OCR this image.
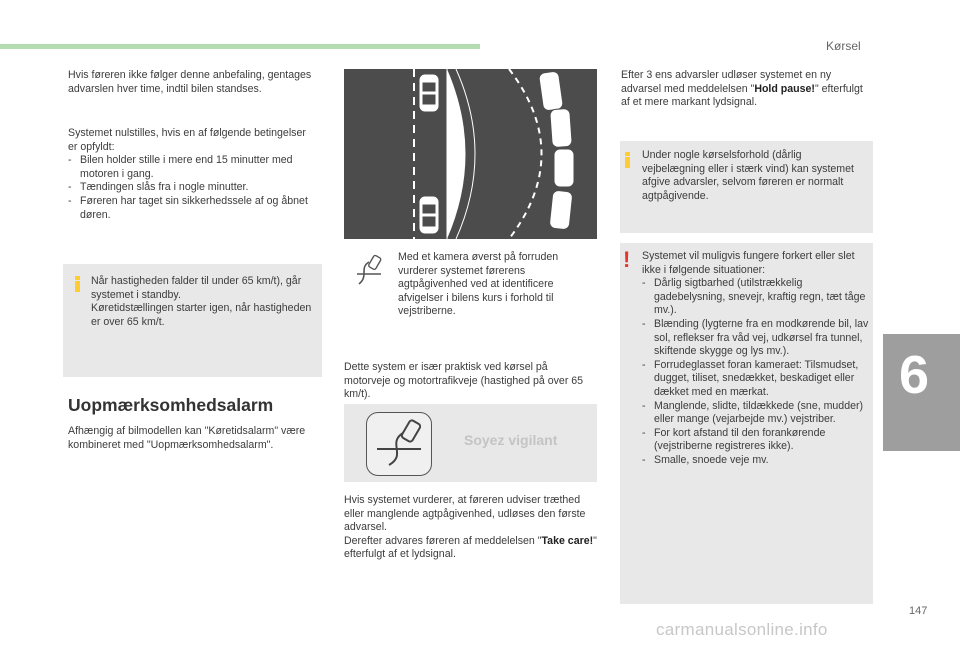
Kørsel
Hvis føreren ikke følger denne anbefaling, gentages advarslen hver time, indtil bilen standses.
Systemet nulstilles, hvis en af følgende betingelser er opfyldt:
- Bilen holder stille i mere end 15 minutter med motoren i gang.
- Tændingen slås fra i nogle minutter.
- Føreren har taget sin sikkerhedssele af og åbnet døren.
Når hastigheden falder til under 65 km/t), går systemet i standby.
Køretidstællingen starter igen, når hastigheden er over 65 km/t.
Uopmærksomhedsalarm
Afhængig af bilmodellen kan "Køretidsalarm" være kombineret med "Uopmærksomhedsalarm".
Med et kamera øverst på forruden vurderer systemet førerens agtpågivenhed ved at identificere afvigelser i bilens kurs i forhold til vejstriberne.
Dette system er især praktisk ved kørsel på motorveje og motortrafikveje (hastighed på over 65 km/t).
Soyez vigilant
Hvis systemet vurderer, at føreren udviser træthed eller manglende agtpågivenhed, udløses den første advarsel.
Derefter advares føreren af meddelelsen "Take care!" efterfulgt af et lydsignal.
Efter 3 ens advarsler udløser systemet en ny advarsel med meddelelsen "Hold pause!" efterfulgt af et mere markant lydsignal.
Under nogle kørselsforhold (dårlig vejbelægning eller i stærk vind) kan systemet afgive advarsler, selvom føreren er normalt agtpågivende.
! Systemet vil muligvis fungere forkert eller slet ikke i følgende situationer:
- Dårlig sigtbarhed (utilstrækkelig gadebelysning, snevejr, kraftig regn, tæt tåge mv.).
- Blænding (lygterne fra en modkørende bil, lav sol, reflekser fra våd vej, udkørsel fra tunnel, skiftende skygge og lys mv.).
- Forrudeglasset foran kameraet: Tilsmudset, dugget, tiliset, snedækket, beskadiget eller dækket med en mærkat.
- Manglende, slidte, tildækkede (sne, mudder) eller mange (vejarbejde mv.) vejstriber.
- For kort afstand til den forankørende (vejstriberne registreres ikke).
- Smalle, snoede veje mv.
6
147
carmanualsonline.info
